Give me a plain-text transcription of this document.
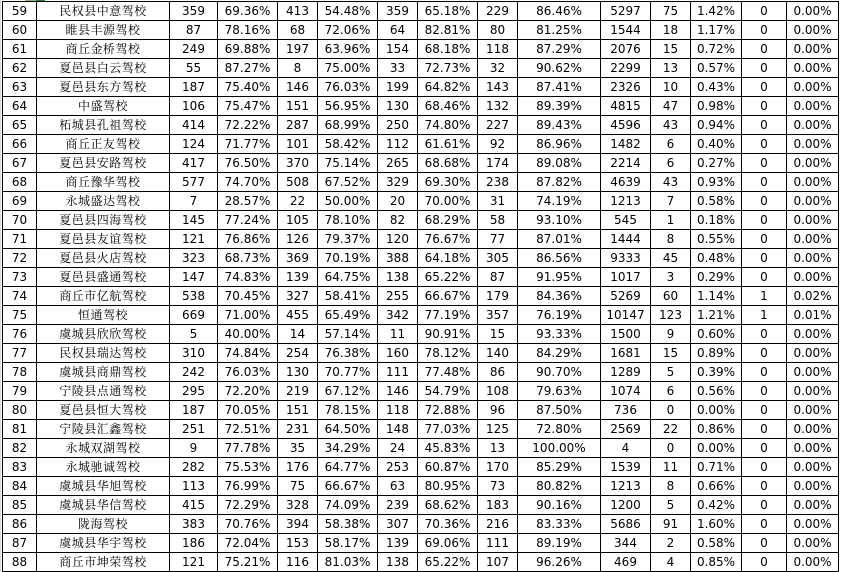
59	民权县中意驾校	359	69.36%	413	54.48%	359	65.18%	229	86.46%	5297	75	1.42%	0	0.00%
60	睢县丰源驾校	87	78.16%	68	72.06%	64	82.81%	80	81.25%	1544	18	1.17%	0	0.00%
61	商丘金桥驾校	249	69.88%	197	63.96%	154	68.18%	118	87.29%	2076	15	0.72%	0	0.00%
62	夏邑县白云驾校	55	87.27%	8	75.00%	33	72.73%	32	90.62%	2299	13	0.57%	0	0.00%
63	夏邑县东方驾校	187	75.40%	146	76.03%	199	64.82%	143	87.41%	2326	10	0.43%	0	0.00%
64	中盛驾校	106	75.47%	151	56.95%	130	68.46%	132	89.39%	4815	47	0.98%	0	0.00%
65	柘城县孔祖驾校	414	72.22%	287	68.99%	250	74.80%	227	89.43%	4596	43	0.94%	0	0.00%
66	商丘正友驾校	124	71.77%	101	58.42%	112	61.61%	92	86.96%	1482	6	0.40%	0	0.00%
67	夏邑县安路驾校	417	76.50%	370	75.14%	265	68.68%	174	89.08%	2214	6	0.27%	0	0.00%
68	商丘豫华驾校	577	74.70%	508	67.52%	329	69.30%	238	87.82%	4639	43	0.93%	0	0.00%
69	永城盛达驾校	7	28.57%	22	50.00%	20	70.00%	31	74.19%	1213	7	0.58%	0	0.00%
70	夏邑县四海驾校	145	77.24%	105	78.10%	82	68.29%	58	93.10%	545	1	0.18%	0	0.00%
71	夏邑县友谊驾校	121	76.86%	126	79.37%	120	76.67%	77	87.01%	1444	8	0.55%	0	0.00%
72	夏邑县火店驾校	323	68.73%	369	70.19%	388	64.18%	305	86.56%	9333	45	0.48%	0	0.00%
73	夏邑县盛通驾校	147	74.83%	139	64.75%	138	65.22%	87	91.95%	1017	3	0.29%	0	0.00%
74	商丘市亿航驾校	538	70.45%	327	58.41%	255	66.67%	179	84.36%	5269	60	1.14%	1	0.02%
75	恒通驾校	669	71.00%	455	65.49%	342	77.19%	357	76.19%	10147	123	1.21%	1	0.01%
76	虞城县欣欣驾校	5	40.00%	14	57.14%	11	90.91%	15	93.33%	1500	9	0.60%	0	0.00%
77	民权县瑞达驾校	310	74.84%	254	76.38%	160	78.12%	140	84.29%	1681	15	0.89%	0	0.00%
78	虞城县商鼎驾校	242	76.03%	130	70.77%	111	77.48%	86	90.70%	1289	5	0.39%	0	0.00%
79	宁陵县点通驾校	295	72.20%	219	67.12%	146	54.79%	108	79.63%	1074	6	0.56%	0	0.00%
80	夏邑县恒大驾校	187	70.05%	151	78.15%	118	72.88%	96	87.50%	736	0	0.00%	0	0.00%
81	宁陵县汇鑫驾校	251	72.51%	231	64.50%	148	77.03%	125	72.80%	2569	22	0.86%	0	0.00%
82	永城双湖驾校	9	77.78%	35	34.29%	24	45.83%	13	100.00%	4	0	0.00%	0	0.00%
83	永城驰诚驾校	282	75.53%	176	64.77%	253	60.87%	170	85.29%	1539	11	0.71%	0	0.00%
84	虞城县华旭驾校	113	76.99%	75	66.67%	63	80.95%	73	80.82%	1213	8	0.66%	0	0.00%
85	虞城县华信驾校	415	72.29%	328	74.09%	239	68.62%	183	90.16%	1200	5	0.42%	0	0.00%
86	陇海驾校	383	70.76%	394	58.38%	307	70.36%	216	83.33%	5686	91	1.60%	0	0.00%
87	虞城县华宇驾校	186	72.04%	153	58.17%	139	69.06%	111	89.19%	344	2	0.58%	0	0.00%
88	商丘市坤荣驾校	121	75.21%	116	81.03%	138	65.22%	107	96.26%	469	4	0.85%	0	0.00%
